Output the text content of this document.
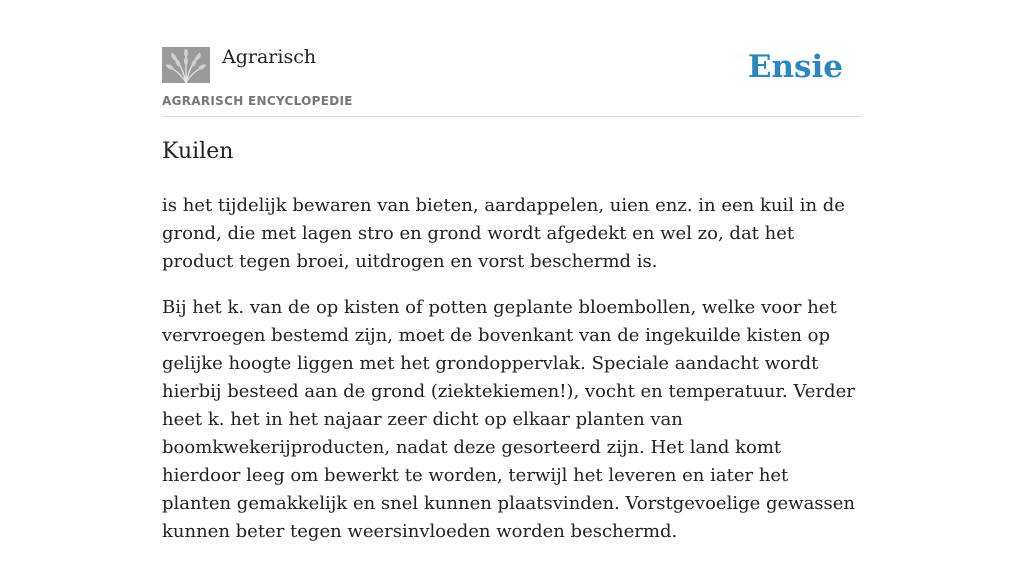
Agrarisch
AGRARISCH ENCYCLOPEDIE
Ensie
Kuilen

is het tijdelijk bewaren van bieten, aardappelen, uien enz. in een kuil in de grond, die met lagen stro en grond wordt afgedekt en wel zo, dat het product tegen broei, uitdrogen en vorst beschermd is.

Bij het k. van de op kisten of potten geplante bloembollen, welke voor het vervroegen bestemd zijn, moet de bovenkant van de ingekuilde kisten op gelijke hoogte liggen met het grondoppervlak. Speciale aandacht wordt hierbij besteed aan de grond (ziektekiemen!), vocht en temperatuur. Verder heet k. het in het najaar zeer dicht op elkaar planten van boomkwekerijproducten, nadat deze gesorteerd zijn. Het land komt hierdoor leeg om bewerkt te worden, terwijl het leveren en iater het planten gemakkelijk en snel kunnen plaatsvinden. Vorstgevoelige gewassen kunnen beter tegen weersinvloeden worden beschermd.
